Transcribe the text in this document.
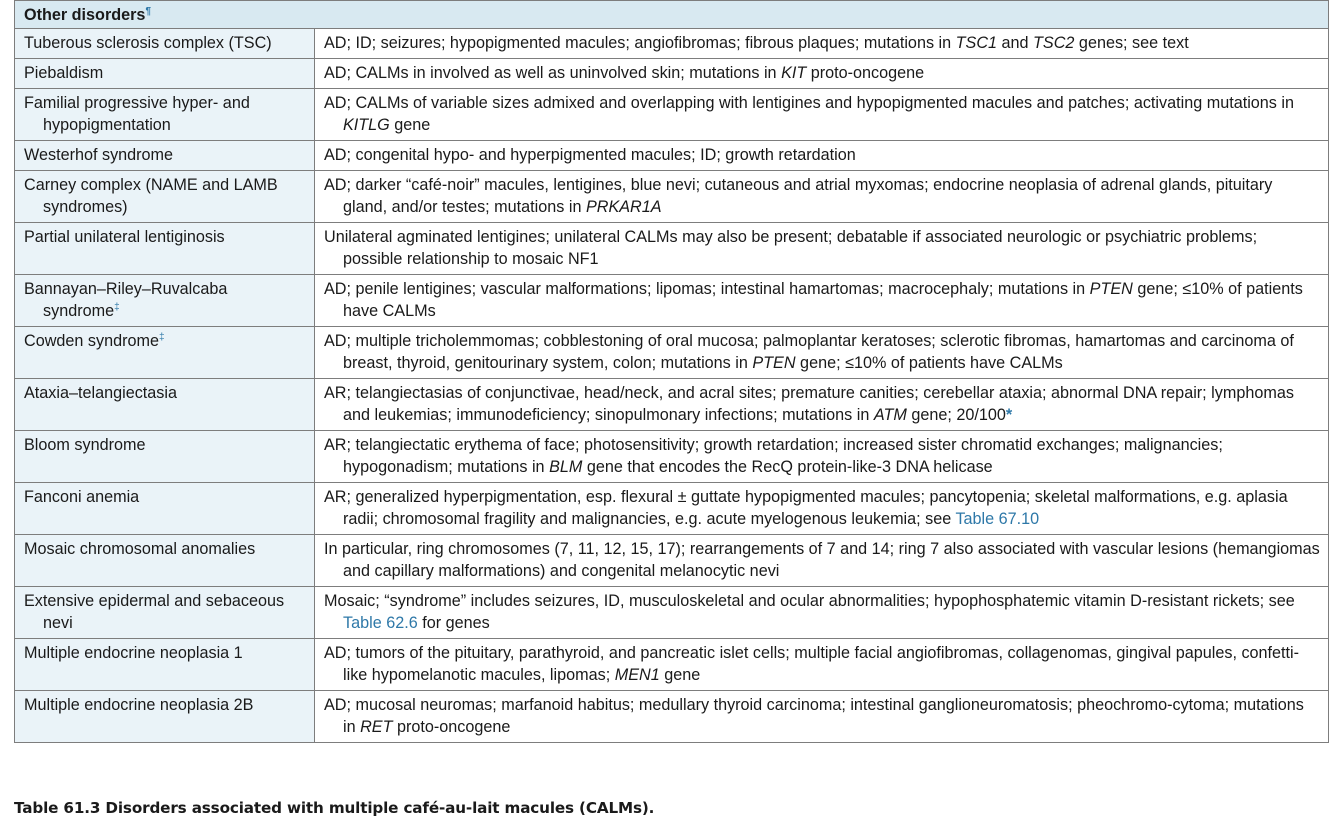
Other disorders¶
Tuberous sclerosis complex (TSC)	AD; ID; seizures; hypopigmented macules; angiofibromas; fibrous plaques; mutations in TSC1 and TSC2 genes; see text
Piebaldism	AD; CALMs in involved as well as uninvolved skin; mutations in KIT proto-oncogene
Familial progressive hyper- and hypopigmentation	AD; CALMs of variable sizes admixed and overlapping with lentigines and hypopigmented macules and patches; activating mutations in KITLG gene
Westerhof syndrome	AD; congenital hypo- and hyperpigmented macules; ID; growth retardation
Carney complex (NAME and LAMB syndromes)	AD; darker “café-noir” macules, lentigines, blue nevi; cutaneous and atrial myxomas; endocrine neoplasia of adrenal glands, pituitary gland, and/or testes; mutations in PRKAR1A
Partial unilateral lentiginosis	Unilateral agminated lentigines; unilateral CALMs may also be present; debatable if associated neurologic or psychiatric problems; possible relationship to mosaic NF1
Bannayan–Riley–Ruvalcaba syndrome‡	AD; penile lentigines; vascular malformations; lipomas; intestinal hamartomas; macrocephaly; mutations in PTEN gene; ≤10% of patients have CALMs
Cowden syndrome‡	AD; multiple tricholemmomas; cobblestoning of oral mucosa; palmoplantar keratoses; sclerotic fibromas, hamartomas and carcinoma of breast, thyroid, genitourinary system, colon; mutations in PTEN gene; ≤10% of patients have CALMs
Ataxia–telangiectasia	AR; telangiectasias of conjunctivae, head/neck, and acral sites; premature canities; cerebellar ataxia; abnormal DNA repair; lymphomas and leukemias; immunodeficiency; sinopulmonary infections; mutations in ATM gene; 20/100*
Bloom syndrome	AR; telangiectatic erythema of face; photosensitivity; growth retardation; increased sister chromatid exchanges; malignancies; hypogonadism; mutations in BLM gene that encodes the RecQ protein-like-3 DNA helicase
Fanconi anemia	AR; generalized hyperpigmentation, esp. flexural ± guttate hypopigmented macules; pancytopenia; skeletal malformations, e.g. aplasia radii; chromosomal fragility and malignancies, e.g. acute myelogenous leukemia; see Table 67.10
Mosaic chromosomal anomalies	In particular, ring chromosomes (7, 11, 12, 15, 17); rearrangements of 7 and 14; ring 7 also associated with vascular lesions (hemangiomas and capillary malformations) and congenital melanocytic nevi
Extensive epidermal and sebaceous nevi	Mosaic; “syndrome” includes seizures, ID, musculoskeletal and ocular abnormalities; hypophosphatemic vitamin D-resistant rickets; see Table 62.6 for genes
Multiple endocrine neoplasia 1	AD; tumors of the pituitary, parathyroid, and pancreatic islet cells; multiple facial angiofibromas, collagenomas, gingival papules, confetti-like hypomelanotic macules, lipomas; MEN1 gene
Multiple endocrine neoplasia 2B	AD; mucosal neuromas; marfanoid habitus; medullary thyroid carcinoma; intestinal ganglioneuromatosis; pheochromo-cytoma; mutations in RET proto-oncogene
Table 61.3 Disorders associated with multiple café-au-lait macules (CALMs).
